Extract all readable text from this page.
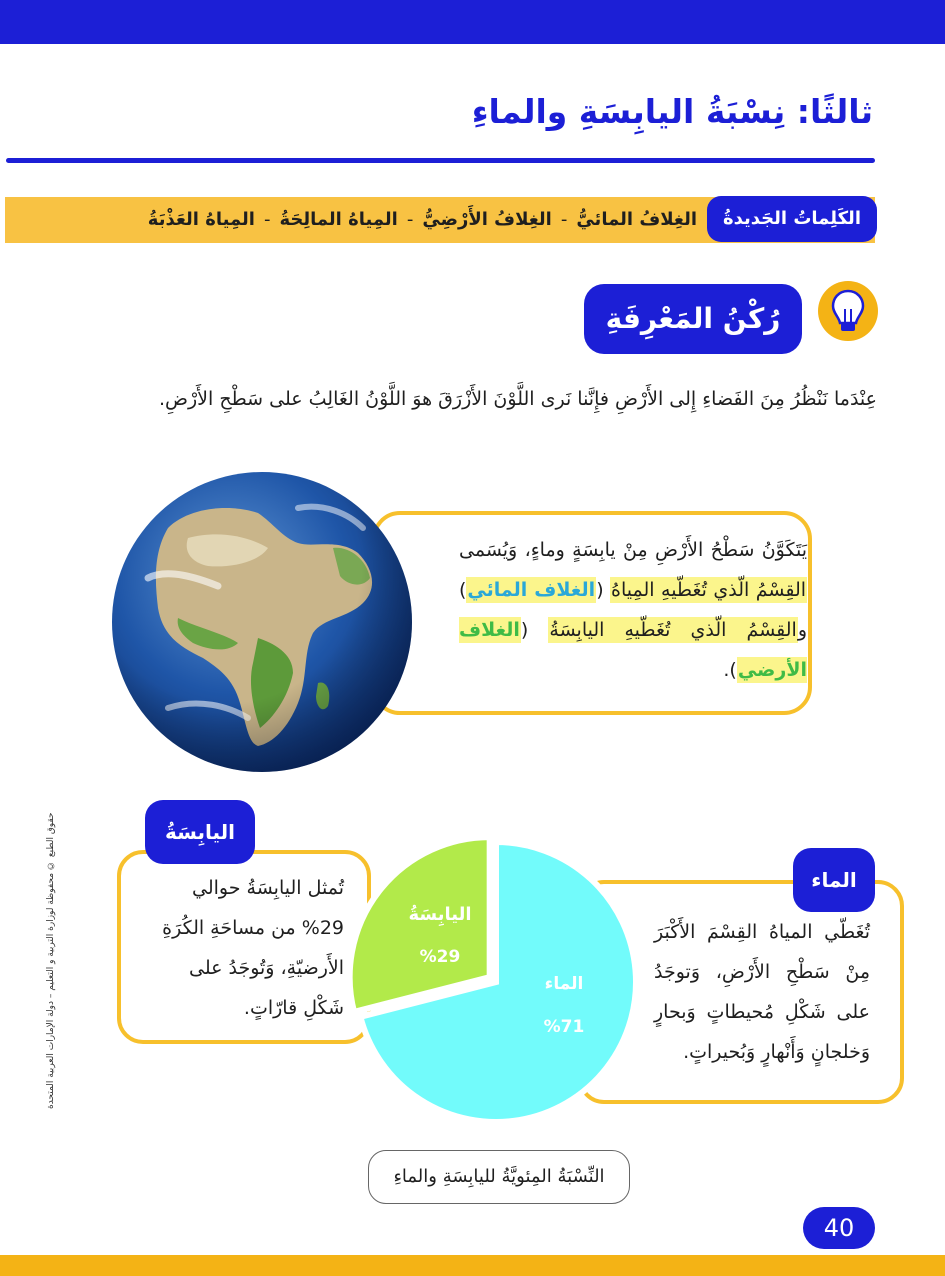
ثالثًا: نِسْبَةُ اليابِسَةِ والماءِ
الكَلِماتُ الجَديدةُ
الغِلافُ المائيُّ-الغِلافُ الأَرْضِيُّ-المِياهُ المالِحَةُ-المِياهُ العَذْبَةُ
رُكْنُ المَعْرِفَةِ
عِنْدَما نَنْظُرُ مِنَ الفَضاءِ إِلى الأَرْضِ فإِنَّنا نَرى اللَّوْنَ الأَزْرَقَ هوَ اللَّوْنُ الغَالِبُ على سَطْحِ الأَرْضِ.
يَتَكَوَّنُ سَطْحُ الأَرْضِ مِنْ يابِسَةٍ وماءٍ، وَيُسَمى القِسْمُ الّذي تُغَطّيهِ المِياهُ (الغلاف المائي) والقِسْمُ الّذي تُغَطّيهِ اليابِسَةُ (الغلاف الأرضي).
حقوق الطبع © محفوظة لوزارة التربية و التعليم – دولة الإمارات العربية المتحدة	اليابِسَةُ
تُمثل اليابِسَةُ حوالي 29% من مساحَةِ الكُرَةِ الأَرضيّةِ، وَتُوجَدُ على شَكْلِ قارّاتٍ.
الماء
تُغَطّي المياهُ القِسْمَ الأَكْبَرَ مِنْ سَطْحِ الأَرْضِ، وَتوجَدُ على شَكْلِ مُحيطاتٍ وَبحارٍ وَخلجانٍ وَأَنْهارٍ وَبُحيراتٍ.
الماء
%71
اليابِسَةُ
%29
النِّسْبَةُ المِئويَّةُ لليابِسَةِ والماءِ
40
